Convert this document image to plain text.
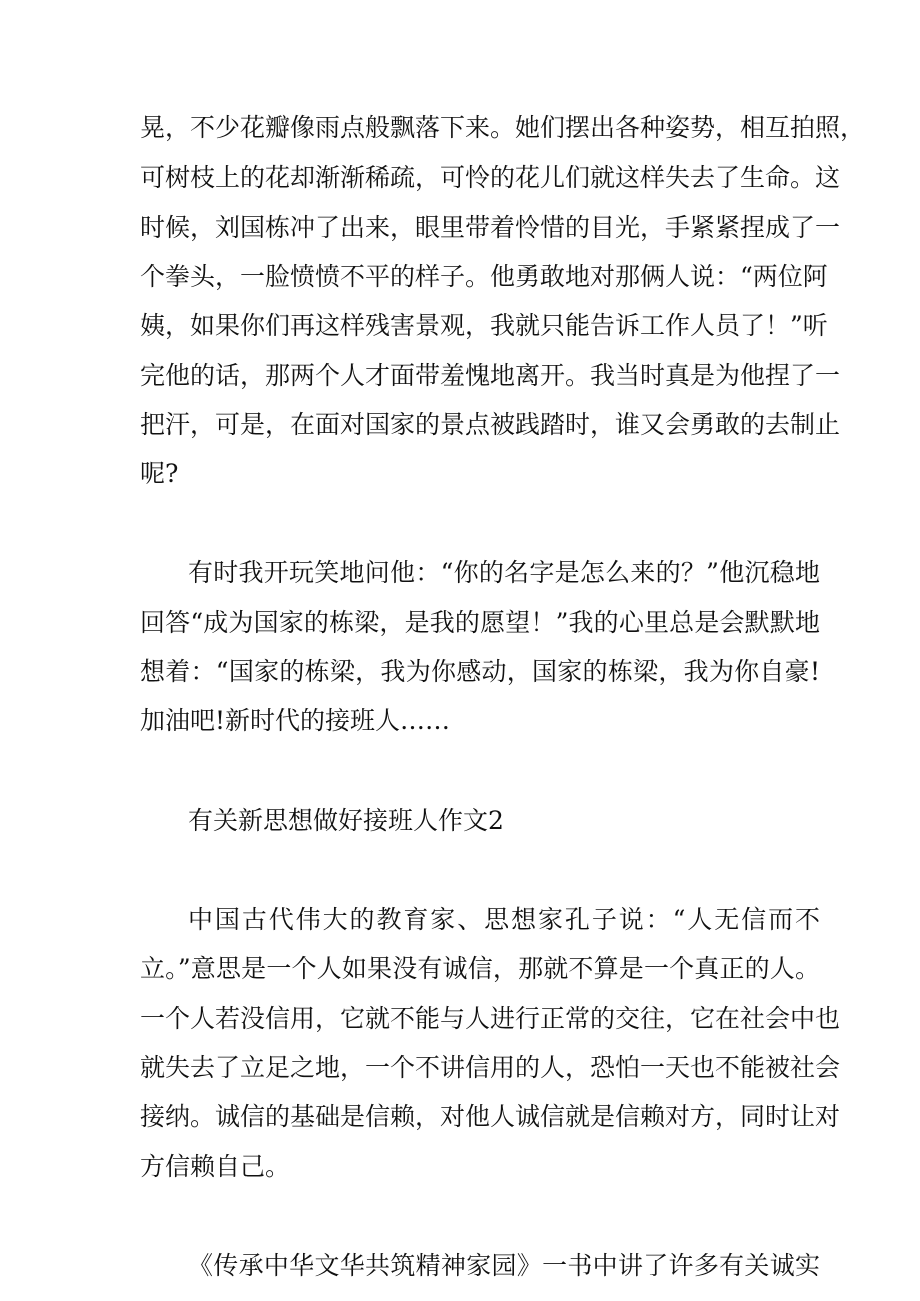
晃，不少花瓣像雨点般飘落下来。她们摆出各种姿势，相互拍照，

可树枝上的花却渐渐稀疏，可怜的花儿们就这样失去了生命。这

时候，刘国栋冲了出来，眼里带着怜惜的目光，手紧紧捏成了一

个拳头，一脸愤愤不平的样子。他勇敢地对那俩人说：“两位阿

姨，如果你们再这样残害景观，我就只能告诉工作人员了！”听

完他的话，那两个人才面带羞愧地离开。我当时真是为他捏了一

把汗，可是，在面对国家的景点被践踏时，谁又会勇敢的去制止

呢?

有时我开玩笑地问他：“你的名字是怎么来的？”他沉稳地

回答“成为国家的栋梁，是我的愿望！”我的心里总是会默默地

想着：“国家的栋梁，我为你感动，国家的栋梁，我为你自豪!

加油吧!新时代的接班人……

有关新思想做好接班人作文2

中国古代伟大的教育家、思想家孔子说：“人无信而不

立。”意思是一个人如果没有诚信，那就不算是一个真正的人。

一个人若没信用，它就不能与人进行正常的交往，它在社会中也

就失去了立足之地，一个不讲信用的人，恐怕一天也不能被社会

接纳。诚信的基础是信赖，对他人诚信就是信赖对方，同时让对

方信赖自己。

《传承中华文华共筑精神家园》一书中讲了许多有关诚实
